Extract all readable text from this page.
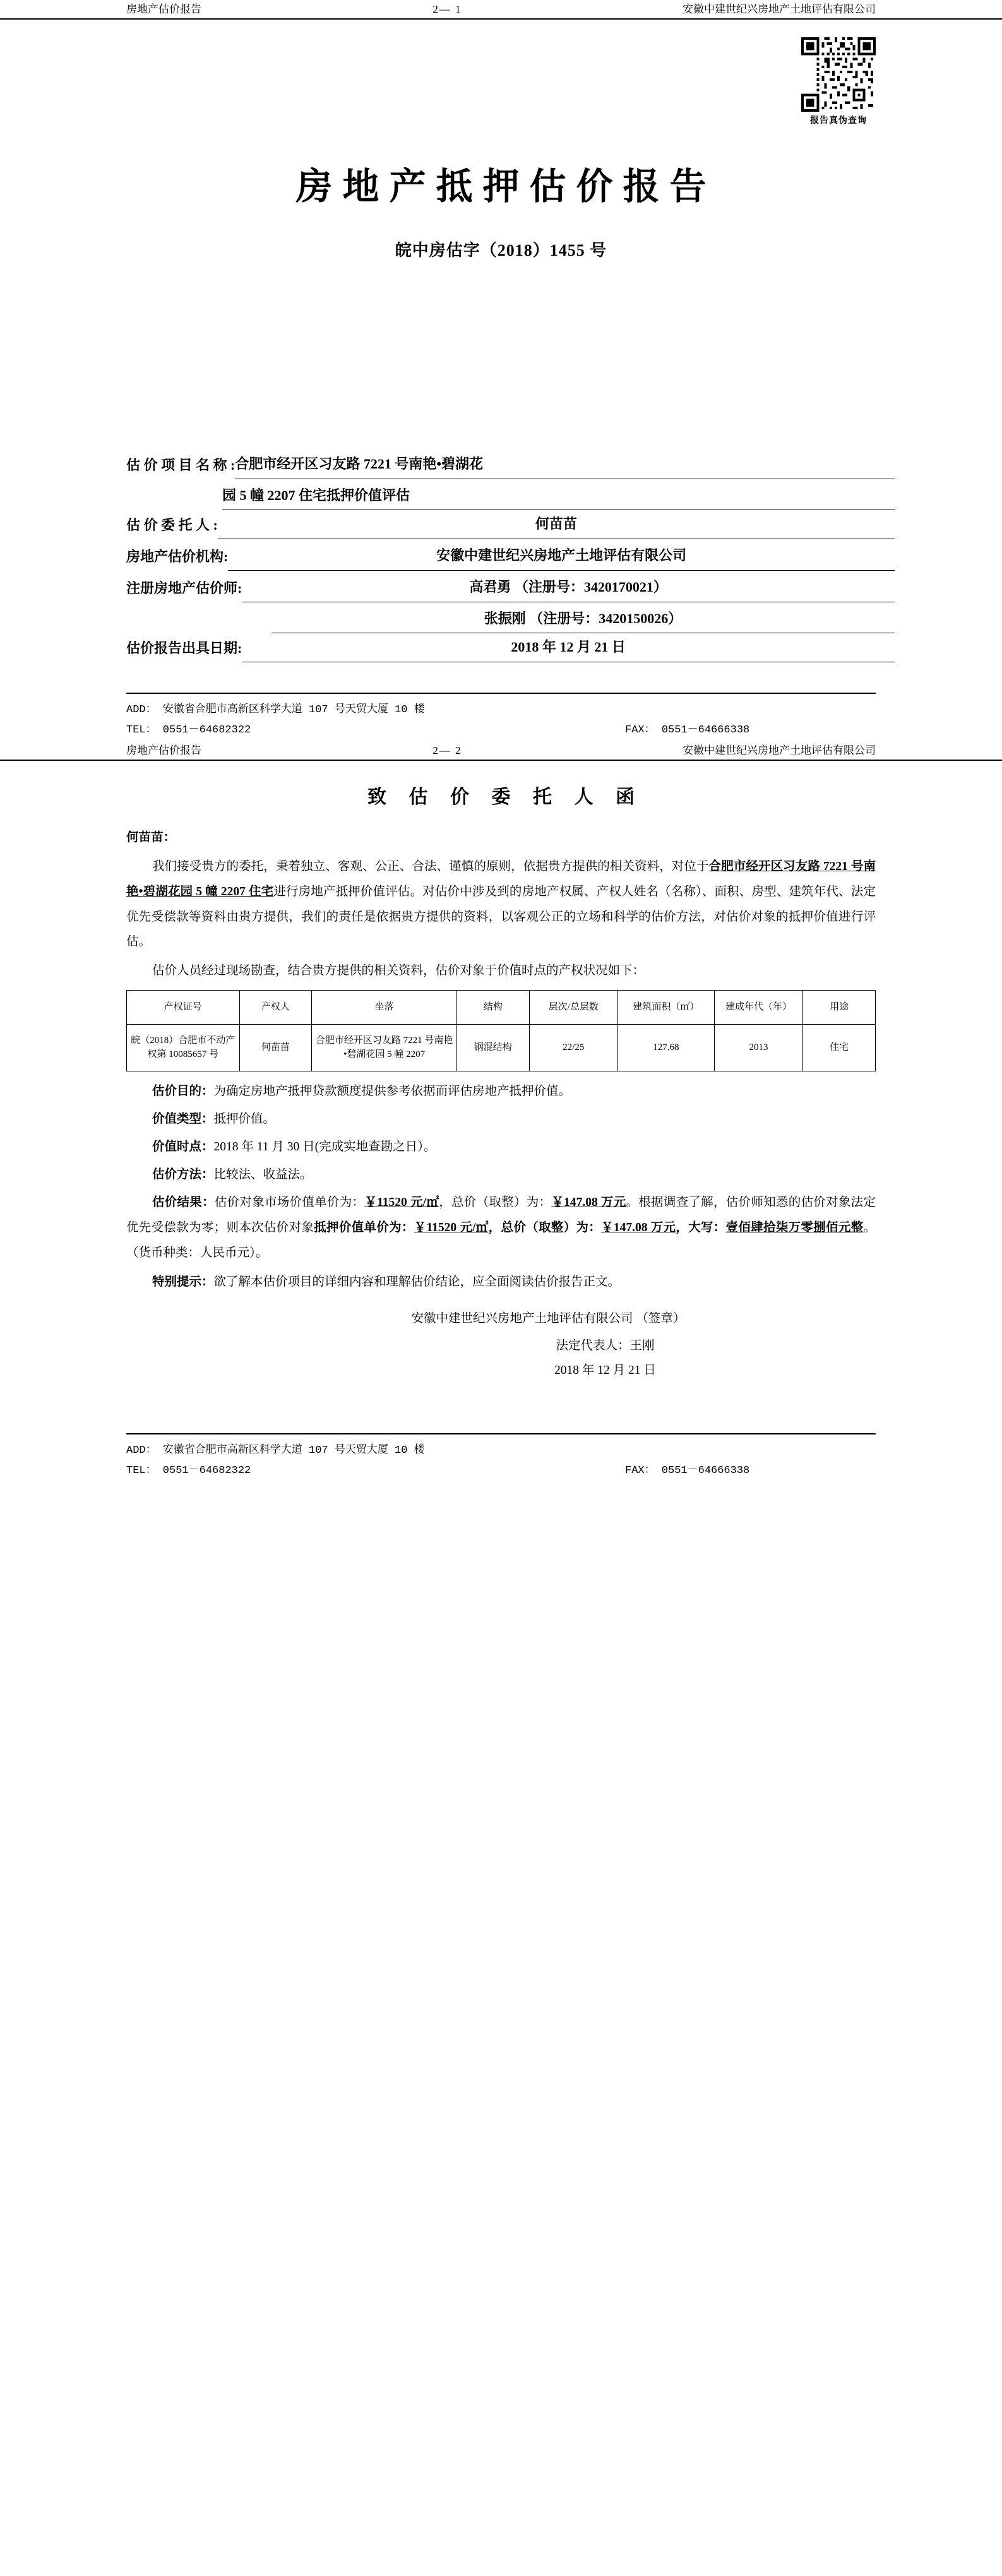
房地产估价报告	2— 1	安徽中建世纪兴房地产土地评估有限公司
报告真伪查询
房地产抵押估价报告
皖中房估字（2018）1455 号
估 价 项 目 名 称 : 合肥市经开区习友路 7221 号南艳•碧湖花
园 5 幢 2207 住宅抵押价值评估
估 价 委 托 人 :	何苗苗
房地产估价机构:	安徽中建世纪兴房地产土地评估有限公司
注册房地产估价师:	高君勇 （注册号：3420170021）
张振刚 （注册号：3420150026）
估价报告出具日期:	2018 年 12 月 21 日
ADD： 安徽省合肥市高新区科学大道 107 号天贸大厦 10 楼
TEL： 0551－64682322	FAX： 0551－64666338
房地产估价报告	2— 2	安徽中建世纪兴房地产土地评估有限公司
致 估 价 委 托 人 函
何苗苗：

我们接受贵方的委托，秉着独立、客观、公正、合法、谨慎的原则，依据贵方提供的相关资料，对位于合肥市经开区习友路 7221 号南艳•碧湖花园 5 幢 2207 住宅进行房地产抵押价值评估。对估价中涉及到的房地产权属、产权人姓名（名称）、面积、房型、建筑年代、法定优先受偿款等资料由贵方提供，我们的责任是依据贵方提供的资料，以客观公正的立场和科学的估价方法，对估价对象的抵押价值进行评估。

估价人员经过现场勘查，结合贵方提供的相关资料，估价对象于价值时点的产权状况如下：

产权证号	产权人	坐落	结构	层次/总层数	建筑面积（㎡）	建成年代（年）	用途
皖（2018）合肥市不动产权第 10085657 号	何苗苗	合肥市经开区习友路 7221 号南艳•碧湖花园 5 幢 2207	钢混结构	22/25	127.68	2013	住宅

估价目的：为确定房地产抵押贷款额度提供参考依据而评估房地产抵押价值。

价值类型：抵押价值。

价值时点：2018 年 11 月 30 日(完成实地查勘之日）。

估价方法：比较法、收益法。

估价结果：估价对象市场价值单价为：￥11520 元/㎡，总价（取整）为：￥147.08 万元。根据调查了解，估价师知悉的估价对象法定优先受偿款为零；则本次估价对象抵押价值单价为：￥11520 元/㎡，总价（取整）为：￥147.08 万元，大写：壹佰肆拾柒万零捌佰元整。（货币种类：人民币元）。

特别提示：欲了解本估价项目的详细内容和理解估价结论，应全面阅读估价报告正文。

安徽中建世纪兴房地产土地评估有限公司 （签章）
法定代表人：王刚
2018 年 12 月 21 日
ADD： 安徽省合肥市高新区科学大道 107 号天贸大厦 10 楼
TEL： 0551－64682322	FAX： 0551－64666338
